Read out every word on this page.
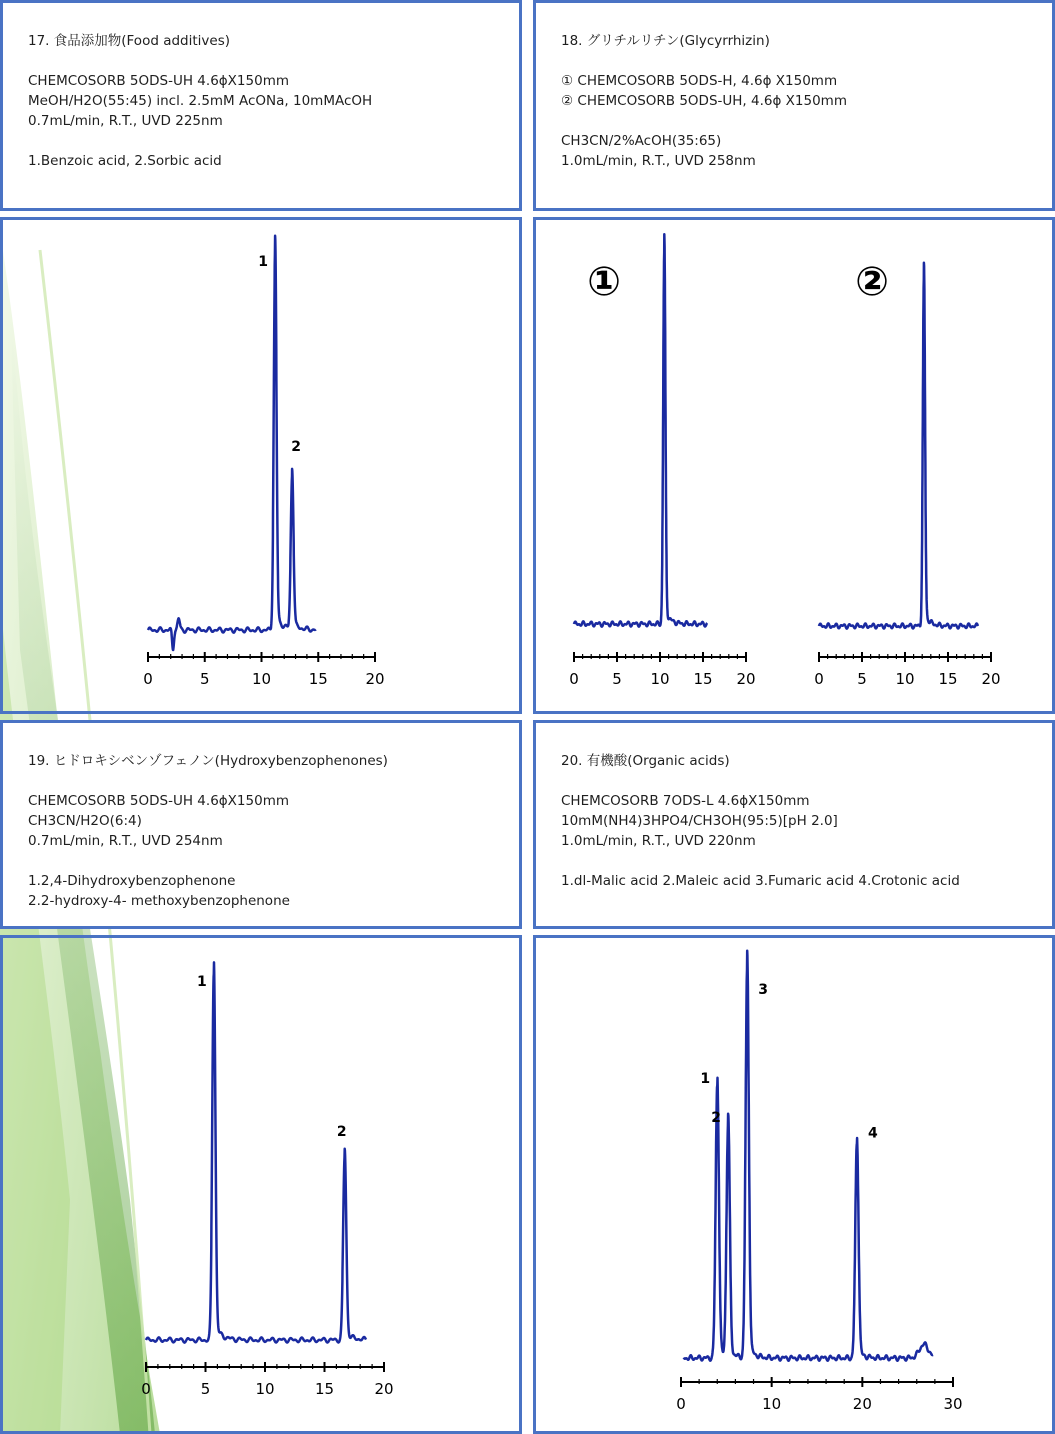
17. 食品添加物(Food additives)
CHEMCOSORB 5ODS-UH 4.6ϕX150mm
MeOH/H2O(55:45) incl. 2.5mM AcONa, 10mMAcOH
0.7mL/min, R.T., UVD 225nm
1.Benzoic acid, 2.Sorbic acid
18. グリチルリチン(Glycyrrhizin)
① CHEMCOSORB 5ODS-H, 4.6ϕ X150mm
② CHEMCOSORB 5ODS-UH, 4.6ϕ X150mm
CH3CN/2%AcOH(35:65)
1.0mL/min, R.T., UVD 258nm
0	5	10	15	20
1
2
0 5 10 15 20
①
0 5 10 15 20
②
19. ヒドロキシベンゾフェノン(Hydroxybenzophenones)
CHEMCOSORB 5ODS-UH 4.6ϕX150mm
CH3CN/H2O(6:4)
0.7mL/min, R.T., UVD 254nm
1.2,4-Dihydroxybenzophenone
2.2-hydroxy-4- methoxybenzophenone
20. 有機酸(Organic acids)
CHEMCOSORB 7ODS-L 4.6ϕX150mm
10mM(NH4)3HPO4/CH3OH(95:5)[pH 2.0]
1.0mL/min, R.T., UVD 220nm
1.dl-Malic acid 2.Maleic acid 3.Fumaric acid 4.Crotonic acid
0	5	10	15	20
1
2
0	10	20	30
1
2
3
4
